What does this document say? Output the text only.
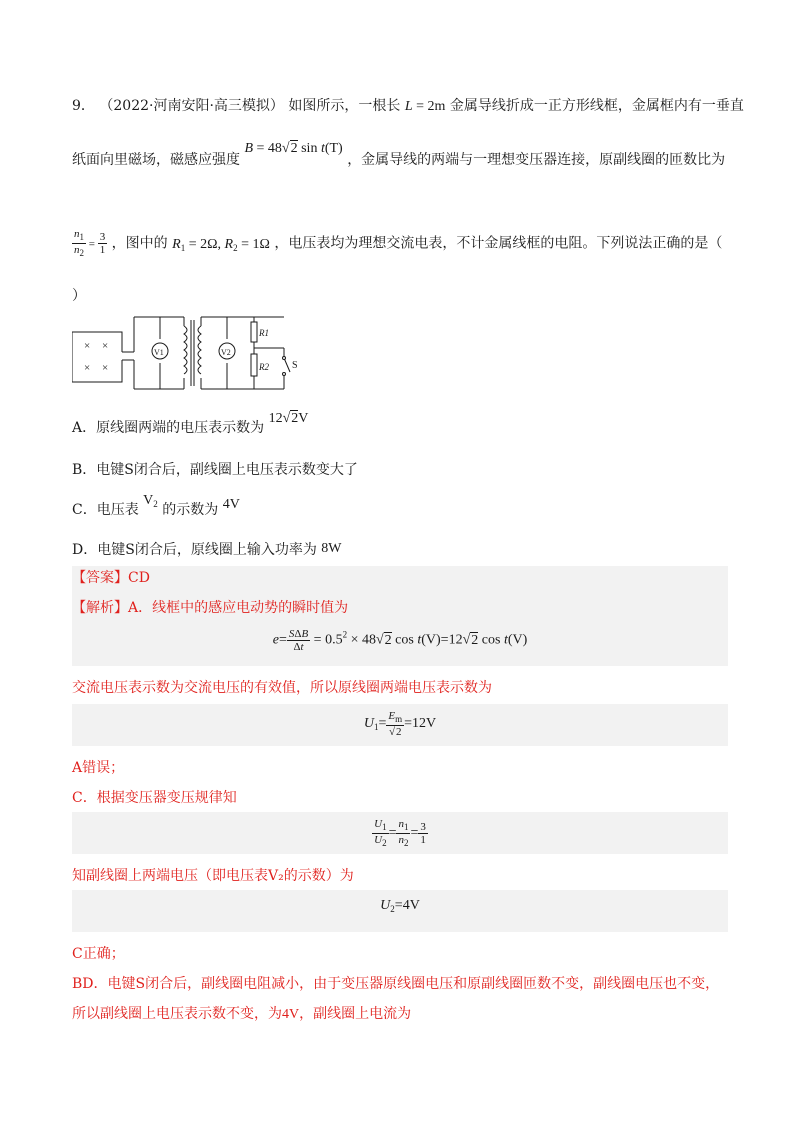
9． （2022·河南安阳·高三模拟） 如图所示，一根长 L = 2m 金属导线折成一正方形线框，金属框内有一垂直
纸面向里磁场，磁感应强度 B = 48√2 sin t(T) ，金属导线的两端与一理想变压器连接，原副线圈的匝数比为
$\frac{n_1}{n_2} = \frac{3}{1}$ ，图中的 $R_1 = 2\Omega$, $R_2 = 1\Omega$ ，电压表均为理想交流电表，不计金属线框的电阻。下列说法正确的是（
）
× ×
× ×
V1	V2
R1
R2 S
A．原线圈两端的电压表示数为 12√2V
B．电键S闭合后，副线圈上电压表示数变大了
C．电压表 $V_2$ 的示数为 4V
D．电键S闭合后，原线圈上输入功率为 8W
【答案】CD
【解析】A．线框中的感应电动势的瞬时值为
$e= \frac{\text{SΔB}}{\Delta t} = 0.5^2 \times 48√2$ cos t(V)=12√2 cos t(V)
交流电压表示数为交流电压的有效值，所以原线圈两端电压表示数为
$U_1= \frac{E_m}{√2} =12V$
A错误；
C．根据变压器变压规律知
$\frac{U_1}{U_2} = \frac{n_1}{n_2} = \frac{3}{1}$
知副线圈上两端电压（即电压表V₂的示数）为
$U_2=4V$
C正确；
BD．电键S闭合后，副线圈电阻减小，由于变压器原线圈电压和原副线圈匝数不变，副线圈电压也不变，
所以副线圈上电压表示数不变，为4V，副线圈上电流为
